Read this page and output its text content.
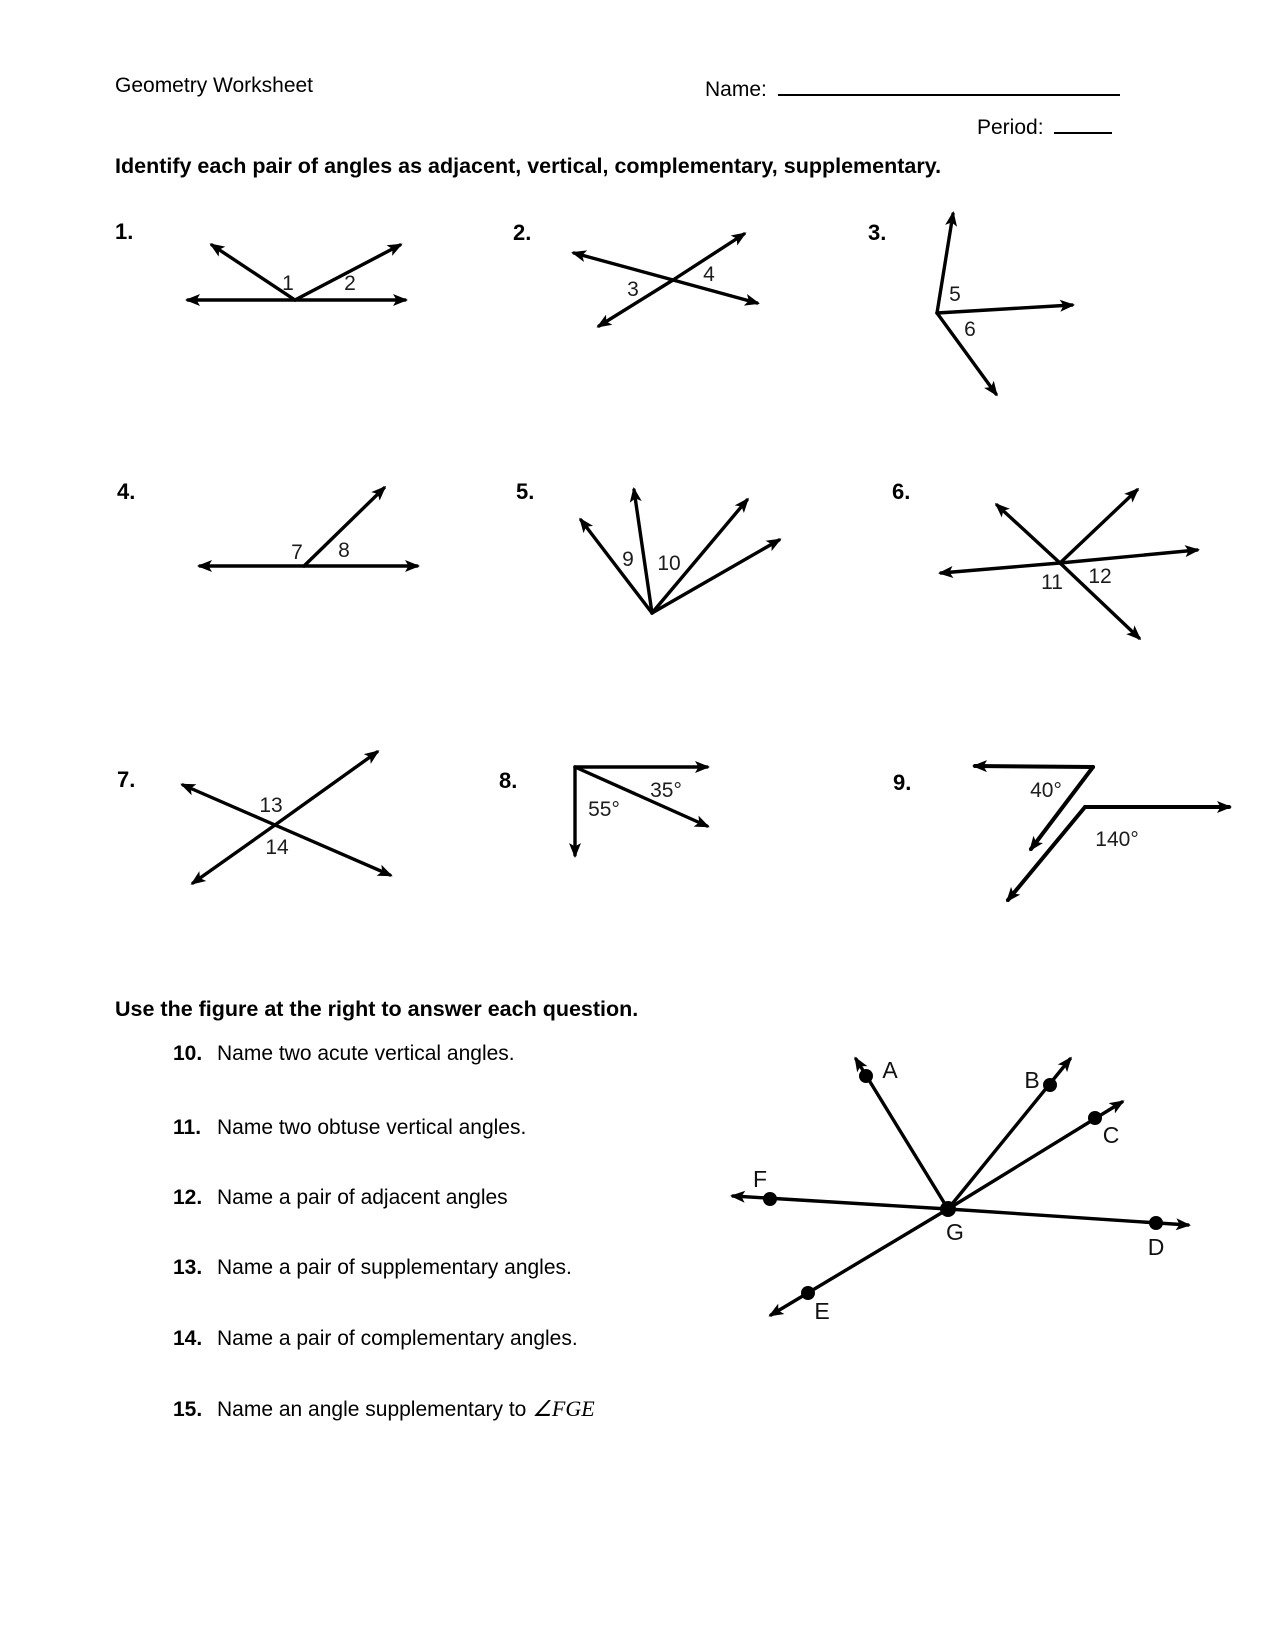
Geometry Worksheet	Name:
Period:
Identify each pair of angles as adjacent, vertical, complementary, supplementary.
1.	2.	3.
4.	5.	6.
7.	8.	9.
1 2	3
4
5
6
7 8	9 10
11 12
13
14
35°
55°
40°
140°
Use the figure at the right to answer each question.
10. Name two acute vertical angles.
11. Name two obtuse vertical angles.
12. Name a pair of adjacent angles
13. Name a pair of supplementary angles.
14. Name a pair of complementary angles.
15. Name an angle supplementary to ∠FGE
A	B
C
D
E
F
G
